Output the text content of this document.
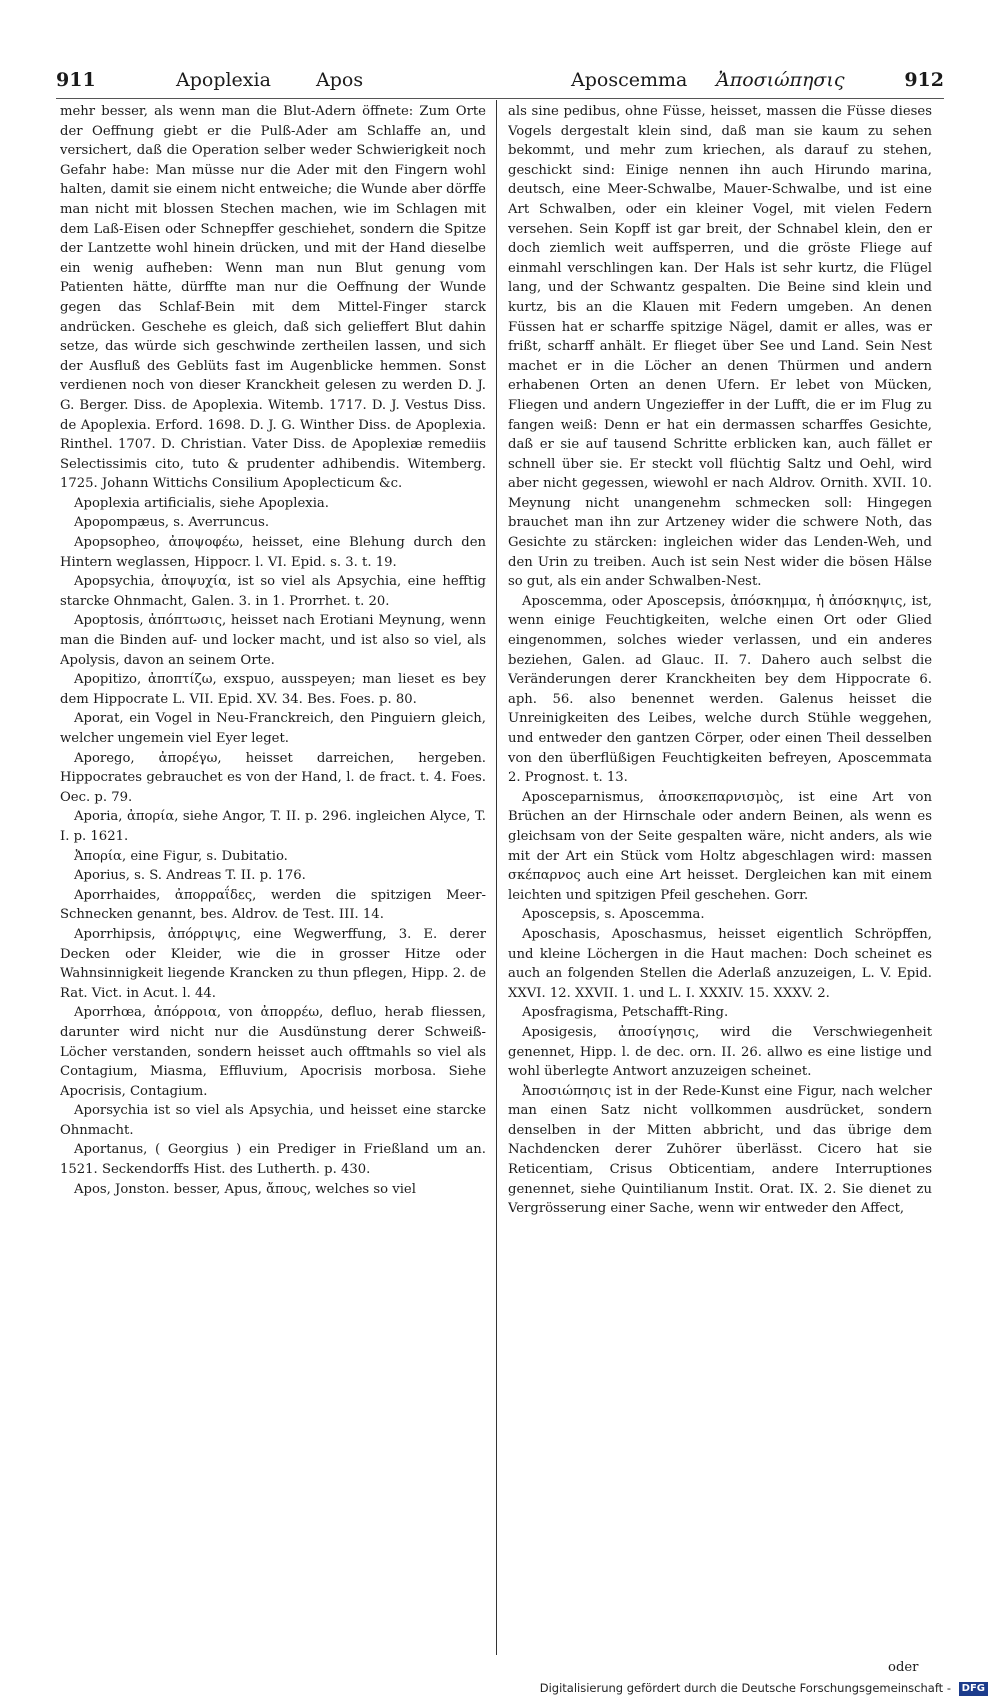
911	Apoplexia Apos	Aposcemma Ἀποσιώπησις	912

mehr besser, als wenn man die Blut-Adern öffnete: Zum Orte der Oeffnung giebt er die Pulß-Ader am Schlaffe an, und versichert, daß die Operation selber weder Schwierigkeit noch Gefahr habe: Man müsse nur die Ader mit den Fingern wohl halten, damit sie einem nicht entweiche; die Wunde aber dörffe man nicht mit blossen Stechen machen, wie im Schlagen mit dem Laß-Eisen oder Schnepffer geschiehet, sondern die Spitze der Lantzette wohl hinein drücken, und mit der Hand dieselbe ein wenig aufheben: Wenn man nun Blut genung vom Patienten hätte, dürffte man nur die Oeffnung der Wunde gegen das Schlaf-Bein mit dem Mittel-Finger starck andrücken. Geschehe es gleich, daß sich gelieffert Blut dahin setze, das würde sich geschwinde zertheilen lassen, und sich der Ausfluß des Geblüts fast im Augenblicke hemmen. Sonst verdienen noch von dieser Kranckheit gelesen zu werden D. J. G. Berger. Diss. de Apoplexia. Witemb. 1717. D. J. Vestus Diss. de Apoplexia. Erford. 1698. D. J. G. Winther Diss. de Apoplexia. Rinthel. 1707. D. Christian. Vater Diss. de Apoplexiæ remediis Selectissimis cito, tuto & prudenter adhibendis. Witemberg. 1725. Johann Wittichs Consilium Apoplecticum &c.

Apoplexia artificialis, siehe Apoplexia.

Apopompæus, s. Averruncus.

Apopsopheo, ἀποψοφέω, heisset, eine Blehung durch den Hintern weglassen, Hippocr. l. VI. Epid. s. 3. t. 19.

Apopsychia, ἀποψυχία, ist so viel als Apsychia, eine hefftig starcke Ohnmacht, Galen. 3. in 1. Prorrhet. t. 20.

Apoptosis, ἀπόπτωσις, heisset nach Erotiani Meynung, wenn man die Binden auf- und locker macht, und ist also so viel, als Apolysis, davon an seinem Orte.

Apopitizo, ἀποπτίζω, exspuo, ausspeyen; man lieset es bey dem Hippocrate L. VII. Epid. XV. 34. Bes. Foes. p. 80.

Aporat, ein Vogel in Neu-Franckreich, den Pinguiern gleich, welcher ungemein viel Eyer leget.

Aporego, ἀπορέγω, heisset darreichen, hergeben. Hippocrates gebrauchet es von der Hand, l. de fract. t. 4. Foes. Oec. p. 79.

Aporia, ἀπορία, siehe Angor, T. II. p. 296. ingleichen Alyce, T. I. p. 1621.

Ἀπορία, eine Figur, s. Dubitatio.

Aporius, s. S. Andreas T. II. p. 176.

Aporrhaides, ἀπορραΐδες, werden die spitzigen Meer-Schnecken genannt, bes. Aldrov. de Test. III. 14.

Aporrhipsis, ἀπόρριψις, eine Wegwerffung, 3. E. derer Decken oder Kleider, wie die in grosser Hitze oder Wahnsinnigkeit liegende Krancken zu thun pflegen, Hipp. 2. de Rat. Vict. in Acut. l. 44.

Aporrhœa, ἀπόρροια, von ἀπορρέω, defluo, herab fliessen, darunter wird nicht nur die Ausdünstung derer Schweiß-Löcher verstanden, sondern heisset auch offtmahls so viel als Contagium, Miasma, Effluvium, Apocrisis morbosa. Siehe Apocrisis, Contagium.

Aporsychia ist so viel als Apsychia, und heisset eine starcke Ohnmacht.

Aportanus, ( Georgius ) ein Prediger in Frießland um an. 1521. Seckendorffs Hist. des Lutherth. p. 430.

Apos, Jonston. besser, Apus, ἄπους, welches so viel

als sine pedibus, ohne Füsse, heisset, massen die Füsse dieses Vogels dergestalt klein sind, daß man sie kaum zu sehen bekommt, und mehr zum kriechen, als darauf zu stehen, geschickt sind: Einige nennen ihn auch Hirundo marina, deutsch, eine Meer-Schwalbe, Mauer-Schwalbe, und ist eine Art Schwalben, oder ein kleiner Vogel, mit vielen Federn versehen. Sein Kopff ist gar breit, der Schnabel klein, den er doch ziemlich weit auffsperren, und die gröste Fliege auf einmahl verschlingen kan. Der Hals ist sehr kurtz, die Flügel lang, und der Schwantz gespalten. Die Beine sind klein und kurtz, bis an die Klauen mit Federn umgeben. An denen Füssen hat er scharffe spitzige Nägel, damit er alles, was er frißt, scharff anhält. Er flieget über See und Land. Sein Nest machet er in die Löcher an denen Thürmen und andern erhabenen Orten an denen Ufern. Er lebet von Mücken, Fliegen und andern Ungezieffer in der Lufft, die er im Flug zu fangen weiß: Denn er hat ein dermassen scharffes Gesichte, daß er sie auf tausend Schritte erblicken kan, auch fället er schnell über sie. Er steckt voll flüchtig Saltz und Oehl, wird aber nicht gegessen, wiewohl er nach Aldrov. Ornith. XVII. 10. Meynung nicht unangenehm schmecken soll: Hingegen brauchet man ihn zur Artzeney wider die schwere Noth, das Gesichte zu stärcken: ingleichen wider das Lenden-Weh, und den Urin zu treiben. Auch ist sein Nest wider die bösen Hälse so gut, als ein ander Schwalben-Nest.

Aposcemma, oder Aposcepsis, ἀπόσκημμα, ἡ ἀπόσκηψις, ist, wenn einige Feuchtigkeiten, welche einen Ort oder Glied eingenommen, solches wieder verlassen, und ein anderes beziehen, Galen. ad Glauc. II. 7. Dahero auch selbst die Veränderungen derer Kranckheiten bey dem Hippocrate 6. aph. 56. also benennet werden. Galenus heisset die Unreinigkeiten des Leibes, welche durch Stühle weggehen, und entweder den gantzen Cörper, oder einen Theil desselben von den überflüßigen Feuchtigkeiten befreyen, Aposcemmata 2. Prognost. t. 13.

Aposceparnismus, ἀποσκεπαρνισμὸς, ist eine Art von Brüchen an der Hirnschale oder andern Beinen, als wenn es gleichsam von der Seite gespalten wäre, nicht anders, als wie mit der Art ein Stück vom Holtz abgeschlagen wird: massen σκέπαρνος auch eine Art heisset. Dergleichen kan mit einem leichten und spitzigen Pfeil geschehen. Gorr.

Aposcepsis, s. Aposcemma.

Aposchasis, Aposchasmus, heisset eigentlich Schröpffen, und kleine Löchergen in die Haut machen: Doch scheinet es auch an folgenden Stellen die Aderlaß anzuzeigen, L. V. Epid. XXVI. 12. XXVII. 1. und L. I. XXXIV. 15. XXXV. 2.

Aposfragisma, Petschafft-Ring.

Aposigesis, ἀποσίγησις, wird die Verschwiegenheit genennet, Hipp. l. de dec. orn. II. 26. allwo es eine listige und wohl überlegte Antwort anzuzeigen scheinet.

Ἀποσιώπησις ist in der Rede-Kunst eine Figur, nach welcher man einen Satz nicht vollkommen ausdrücket, sondern denselben in der Mitten abbricht, und das übrige dem Nachdencken derer Zuhörer überlässt. Cicero hat sie Reticentiam, Crisus Obticentiam, andere Interruptiones genennet, siehe Quintilianum Instit. Orat. IX. 2. Sie dienet zu Vergrösserung einer Sache, wenn wir entweder den Affect,

oder
Digitalisierung gefördert durch die Deutsche Forschungsgemeinschaft - DFG
